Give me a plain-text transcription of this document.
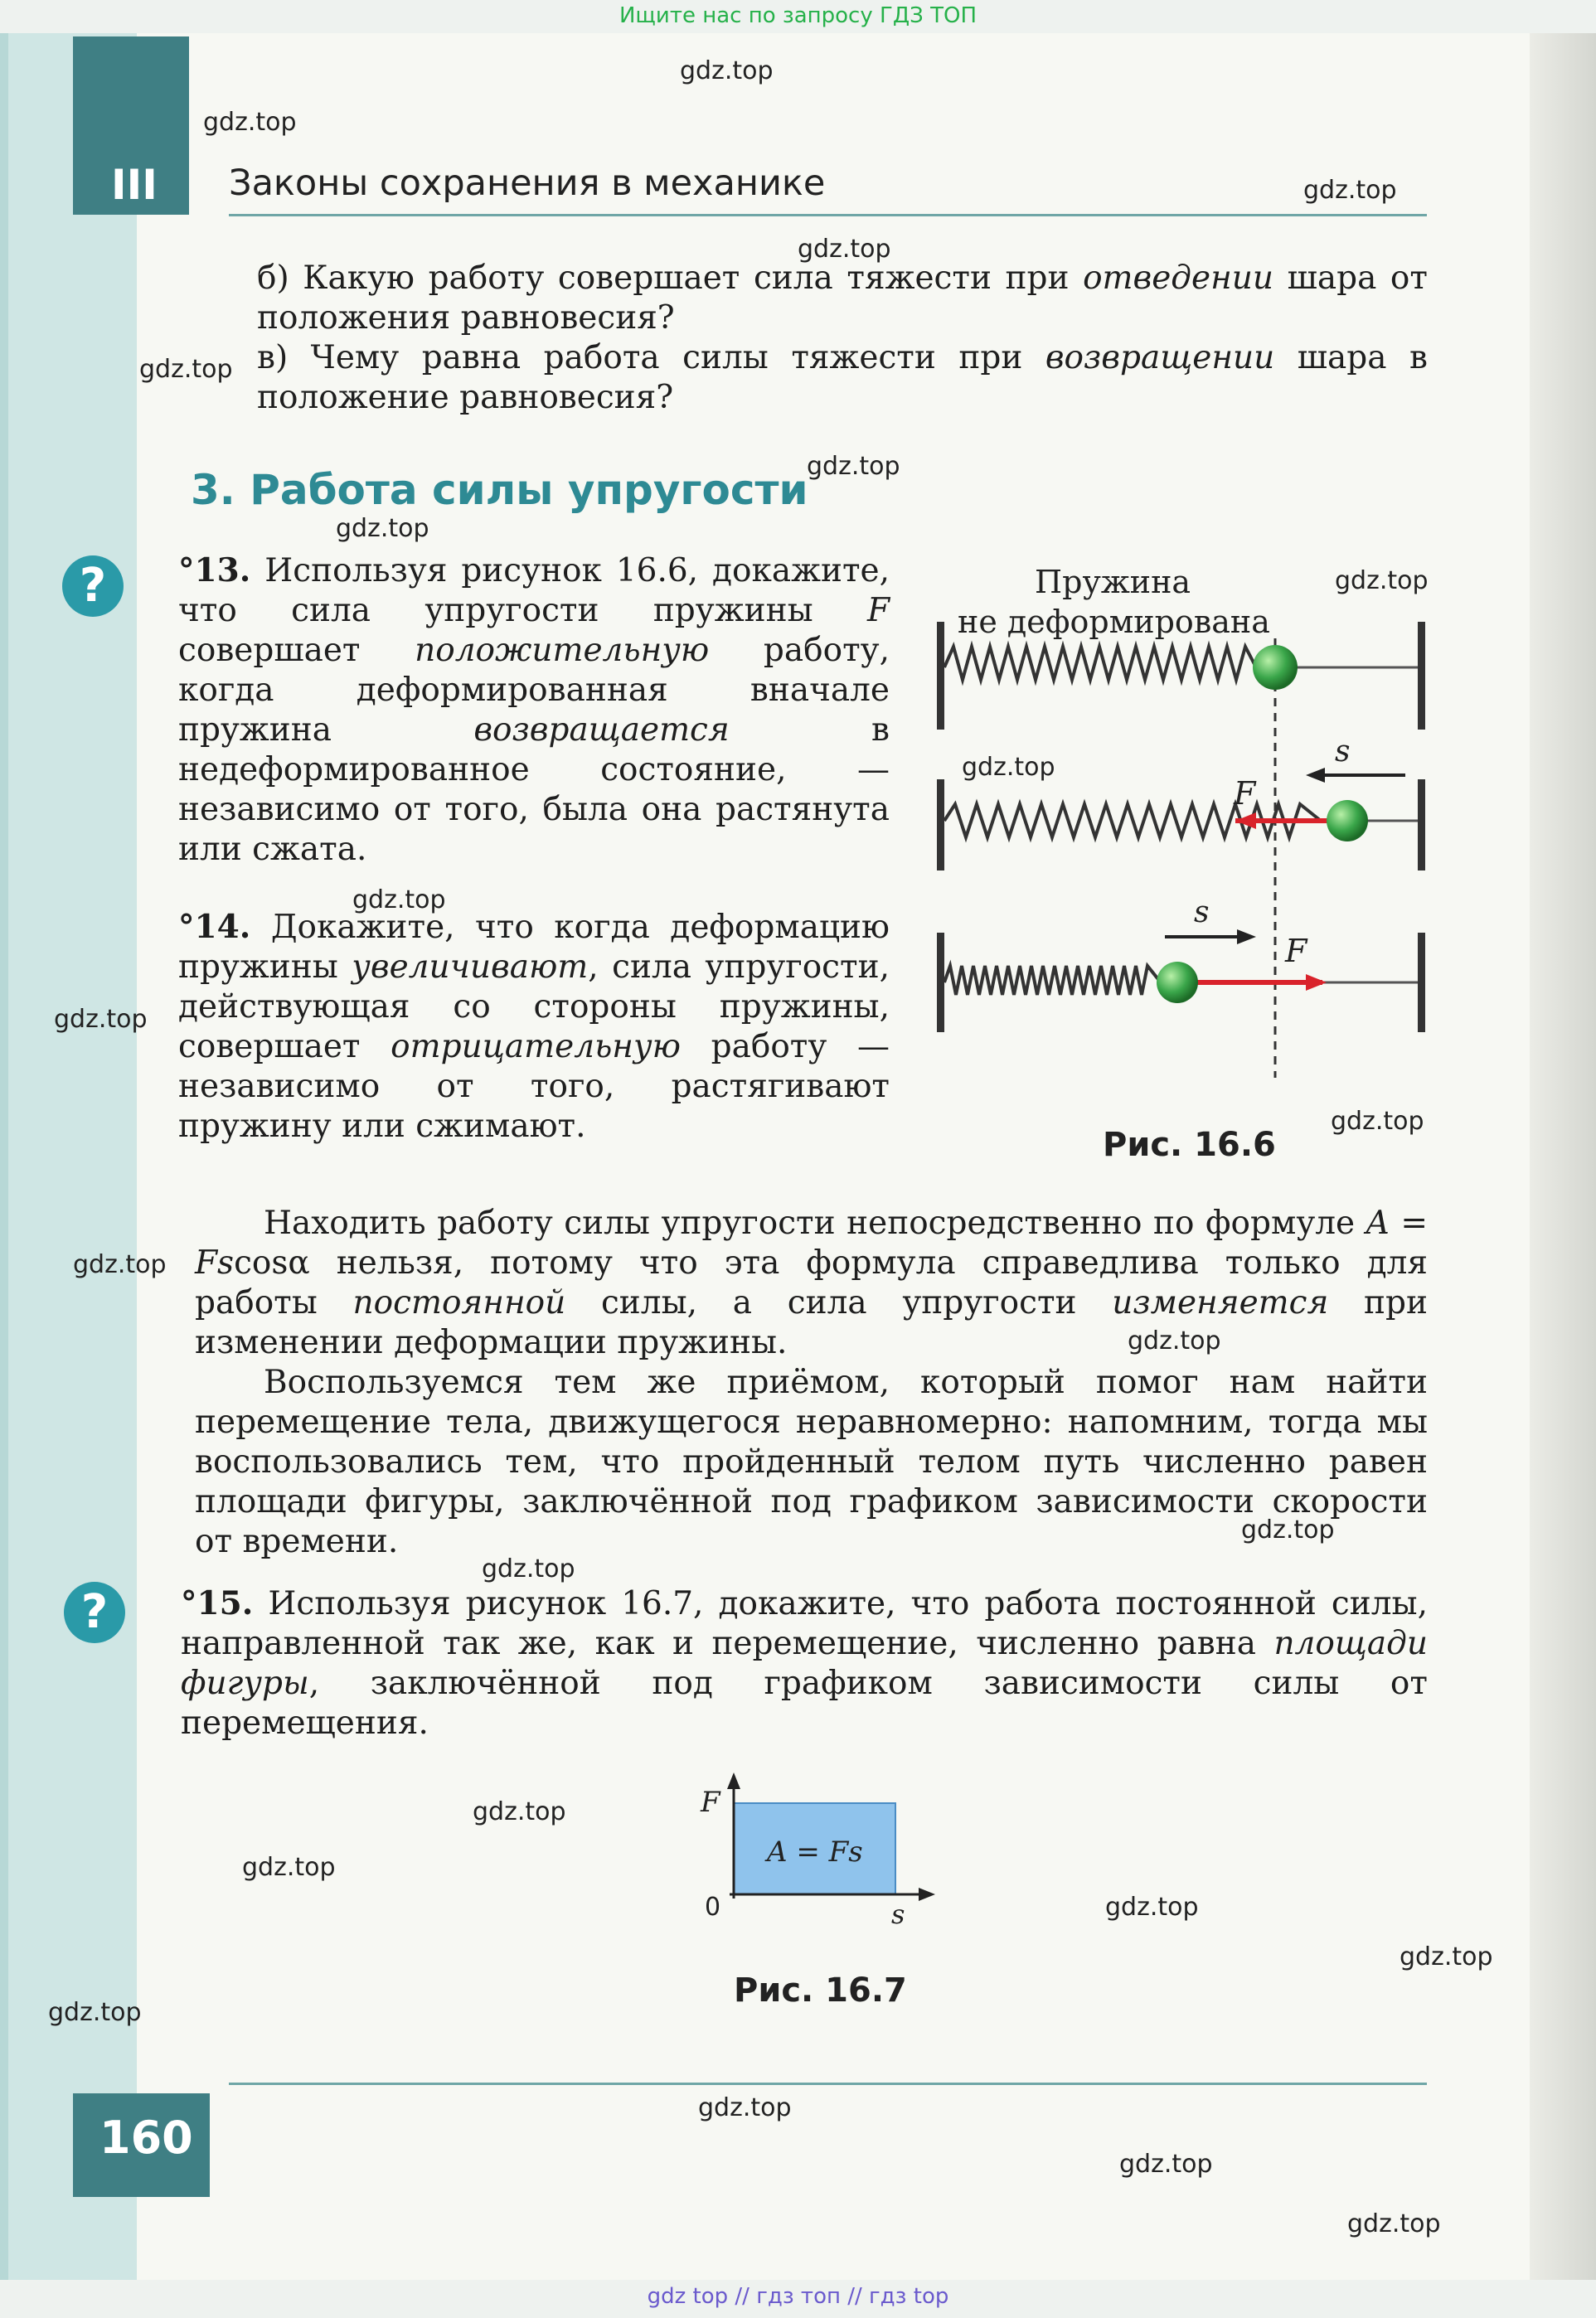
Ищите нас по запросу ГДЗ ТОП
III Законы сохранения в механике
б) Какую работу совершает сила тяжести при отведении шара от положения равновесия?
в) Чему равна работа силы тяжести при возвращении шара в положение равновесия?
3. Работа силы упругости
?	°13. Используя рисунок 16.6, докажите, что сила упругости пружины F совершает положительную работу, когда деформированная вначале пружина возвращается в недеформированное состояние, — независимо от того, была она растянута или сжата.
°14. Докажите, что когда деформацию пружины увеличивают, сила упругости, действующая со стороны пружины, совершает отрицательную работу — независимо от того, растягивают пружину или сжимают.
Пружина
не деформирована
s
F
s
F
Рис. 16.6
Находить работу силы упругости непосредственно по формуле A = Fscosα нельзя, потому что эта формула справедлива только для работы постоянной силы, а сила упругости изменяется при изменении деформации пружины.
Воспользуемся тем же приёмом, который помог нам найти перемещение тела, движущегося неравномерно: напомним, тогда мы воспользовались тем, что пройденный телом путь численно равен площади фигуры, заключённой под графиком зависимости скорости от времени.
?	°15. Используя рисунок 16.7, докажите, что работа постоянной силы, направленной так же, как и перемещение, численно равна площади фигуры, заключённой под графиком зависимости силы от перемещения.
F
s
0
A = Fs
Рис. 16.7
160
gdz.top
gdz.top
gdz.top
gdz.top
gdz.top
gdz.top
gdz.top
gdz.top
gdz.top
gdz.top
gdz.top
gdz.top
gdz.top
gdz.top
gdz.top
gdz.top
gdz.top
gdz.top
gdz.top
gdz.top
gdz.top
gdz.top
gdz.top
gdz.top
gdz top // гдз топ // гдз top
